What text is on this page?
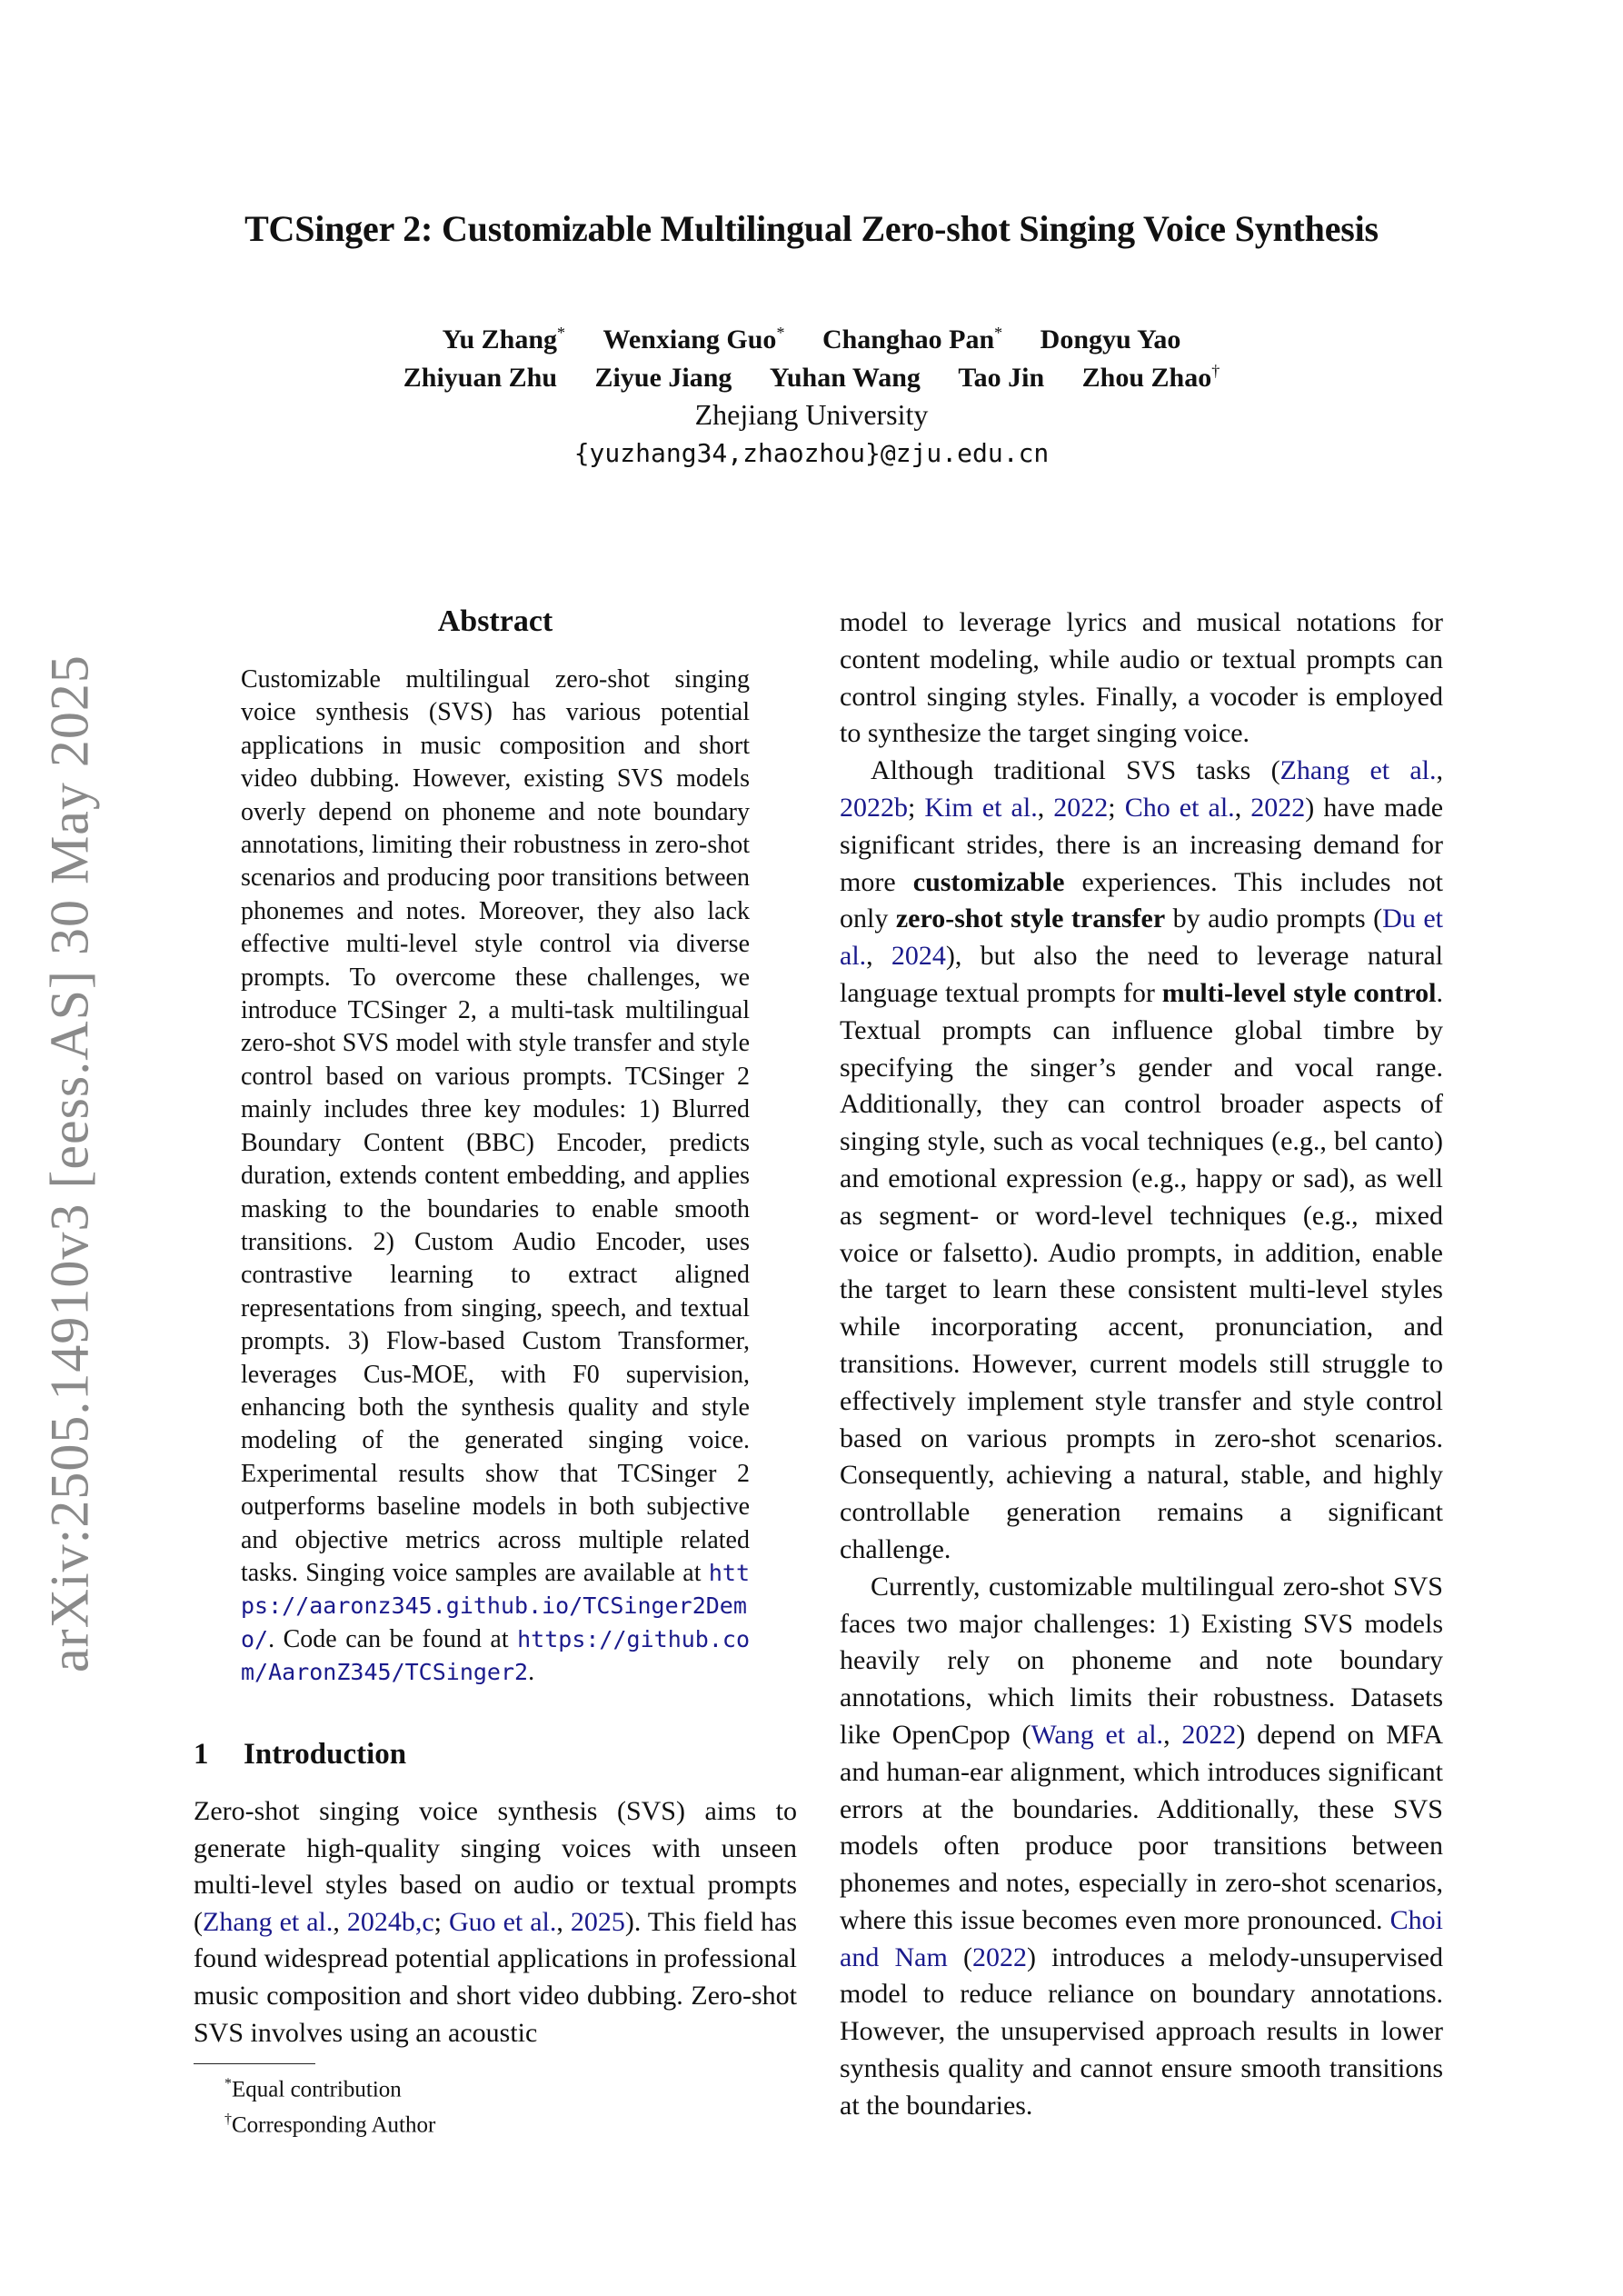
TCSinger 2: Customizable Multilingual Zero-shot Singing Voice Synthesis
Yu Zhang* Wenxiang Guo* Changhao Pan* Dongyu Yao
Zhiyuan Zhu Ziyue Jiang Yuhan Wang Tao Jin Zhou Zhao†
Zhejiang University
{yuzhang34,zhaozhou}@zju.edu.cn
arXiv:2505.14910v3 [eess.AS] 30 May 2025
Abstract
Customizable multilingual zero-shot singing voice synthesis (SVS) has various potential applications in music composition and short video dubbing. However, existing SVS models overly depend on phoneme and note boundary annotations, limiting their robustness in zero-shot scenarios and producing poor transitions between phonemes and notes. Moreover, they also lack effective multi-level style control via diverse prompts. To overcome these challenges, we introduce TCSinger 2, a multi-task multilingual zero-shot SVS model with style transfer and style control based on various prompts. TCSinger 2 mainly includes three key modules: 1) Blurred Boundary Content (BBC) Encoder, predicts duration, extends content embedding, and applies masking to the boundaries to enable smooth transitions. 2) Custom Audio Encoder, uses contrastive learning to extract aligned representations from singing, speech, and textual prompts. 3) Flow-based Custom Transformer, leverages Cus-MOE, with F0 supervision, enhancing both the synthesis quality and style modeling of the generated singing voice. Experimental results show that TCSinger 2 outperforms baseline models in both subjective and objective metrics across multiple related tasks. Singing voice samples are available at https://aaronz345.github.io/TCSinger2Demo/. Code can be found at https://github.com/AaronZ345/TCSinger2.
1 Introduction
Zero-shot singing voice synthesis (SVS) aims to generate high-quality singing voices with unseen multi-level styles based on audio or textual prompts (Zhang et al., 2024b,c; Guo et al., 2025). This field has found widespread potential applications in professional music composition and short video dubbing. Zero-shot SVS involves using an acoustic
*Equal contribution
†Corresponding Author

model to leverage lyrics and musical notations for content modeling, while audio or textual prompts can control singing styles. Finally, a vocoder is employed to synthesize the target singing voice.

Although traditional SVS tasks (Zhang et al., 2022b; Kim et al., 2022; Cho et al., 2022) have made significant strides, there is an increasing demand for more customizable experiences. This includes not only zero-shot style transfer by audio prompts (Du et al., 2024), but also the need to leverage natural language textual prompts for multi-level style control. Textual prompts can influence global timbre by specifying the singer’s gender and vocal range. Additionally, they can control broader aspects of singing style, such as vocal techniques (e.g., bel canto) and emotional expression (e.g., happy or sad), as well as segment- or word-level techniques (e.g., mixed voice or falsetto). Audio prompts, in addition, enable the target to learn these consistent multi-level styles while incorporating accent, pronunciation, and transitions. However, current models still struggle to effectively implement style transfer and style control based on various prompts in zero-shot scenarios. Consequently, achieving a natural, stable, and highly controllable generation remains a significant challenge.

Currently, customizable multilingual zero-shot SVS faces two major challenges: 1) Existing SVS models heavily rely on phoneme and note boundary annotations, which limits their robustness. Datasets like OpenCpop (Wang et al., 2022) depend on MFA and human-ear alignment, which introduces significant errors at the boundaries. Additionally, these SVS models often produce poor transitions between phonemes and notes, especially in zero-shot scenarios, where this issue becomes even more pronounced. Choi and Nam (2022) introduces a melody-unsupervised model to reduce reliance on boundary annotations. However, the unsupervised approach results in lower synthesis quality and cannot ensure smooth transitions at the boundaries.
